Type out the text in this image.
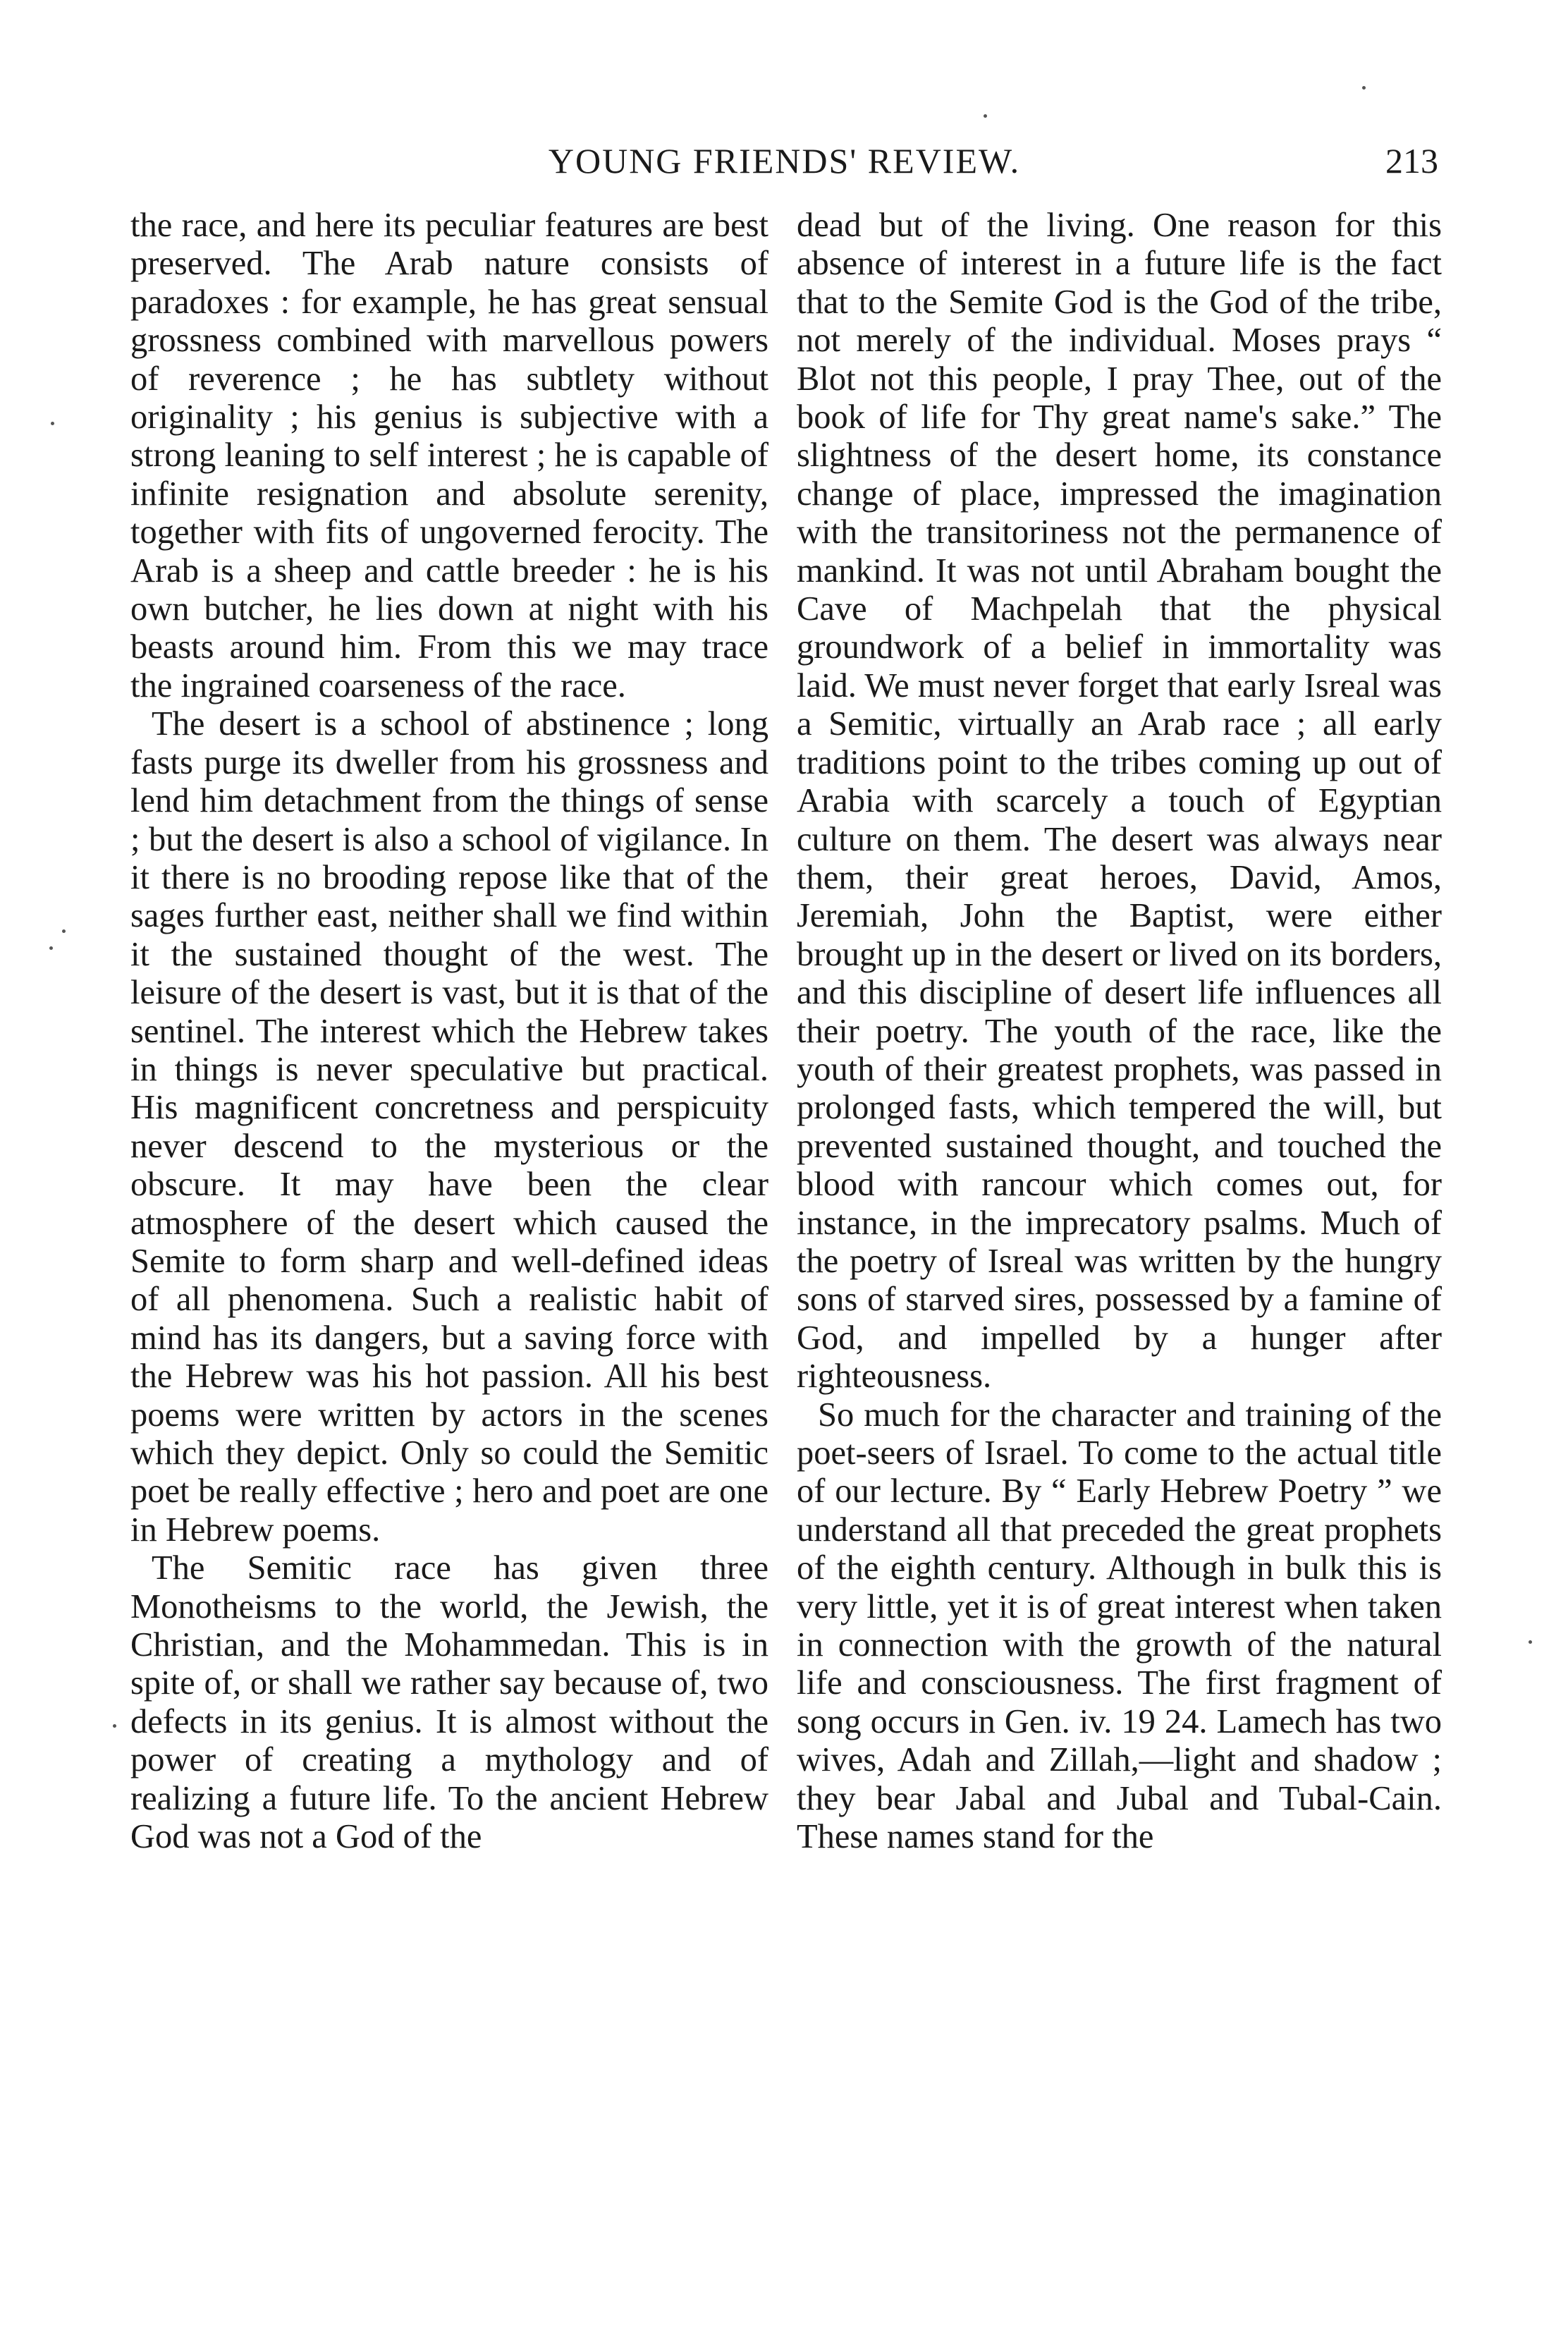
YOUNG FRIENDS' REVIEW.	213

the race, and here its peculiar features are best preserved. The Arab nature consists of paradoxes : for example, he has great sensual grossness combined with marvellous powers of reverence ; he has subtlety without originality ; his genius is subjective with a strong leaning to self interest ; he is capable of infinite resignation and absolute serenity, together with fits of ungoverned ferocity. The Arab is a sheep and cattle breeder : he is his own butcher, he lies down at night with his beasts around him. From this we may trace the ingrained coarseness of the race.

The desert is a school of abstinence ; long fasts purge its dweller from his grossness and lend him detachment from the things of sense ; but the desert is also a school of vigilance. In it there is no brooding repose like that of the sages further east, neither shall we find within it the sustained thought of the west. The leisure of the desert is vast, but it is that of the sentinel. The interest which the Hebrew takes in things is never speculative but practical. His magnificent concretness and perspicuity never descend to the mysterious or the obscure. It may have been the clear atmosphere of the desert which caused the Semite to form sharp and well-defined ideas of all phenomena. Such a realistic habit of mind has its dangers, but a saving force with the Hebrew was his hot passion. All his best poems were written by actors in the scenes which they depict. Only so could the Semitic poet be really effective ; hero and poet are one in Hebrew poems.

The Semitic race has given three Monotheisms to the world, the Jewish, the Christian, and the Mohammedan. This is in spite of, or shall we rather say because of, two defects in its genius. It is almost without the power of creating a mythology and of realizing a future life. To the ancient Hebrew God was not a God of the

dead but of the living. One reason for this absence of interest in a future life is the fact that to the Semite God is the God of the tribe, not merely of the individual. Moses prays “ Blot not this people, I pray Thee, out of the book of life for Thy great name's sake.” The slightness of the desert home, its constance change of place, impressed the imagination with the transitoriness not the permanence of mankind. It was not until Abraham bought the Cave of Machpelah that the physical groundwork of a belief in immortality was laid. We must never forget that early Isreal was a Semitic, virtually an Arab race ; all early traditions point to the tribes coming up out of Arabia with scarcely a touch of Egyptian culture on them. The desert was always near them, their great heroes, David, Amos, Jeremiah, John the Baptist, were either brought up in the desert or lived on its borders, and this discipline of desert life influences all their poetry. The youth of the race, like the youth of their greatest prophets, was passed in prolonged fasts, which tempered the will, but prevented sustained thought, and touched the blood with rancour which comes out, for instance, in the imprecatory psalms. Much of the poetry of Isreal was written by the hungry sons of starved sires, possessed by a famine of God, and impelled by a hunger after righteousness.

So much for the character and training of the poet-seers of Israel. To come to the actual title of our lecture. By “ Early Hebrew Poetry ” we understand all that preceded the great prophets of the eighth century. Although in bulk this is very little, yet it is of great interest when taken in connection with the growth of the natural life and consciousness. The first fragment of song occurs in Gen. iv. 19 24. Lamech has two wives, Adah and Zillah,—light and shadow ; they bear Jabal and Jubal and Tubal-Cain. These names stand for the
